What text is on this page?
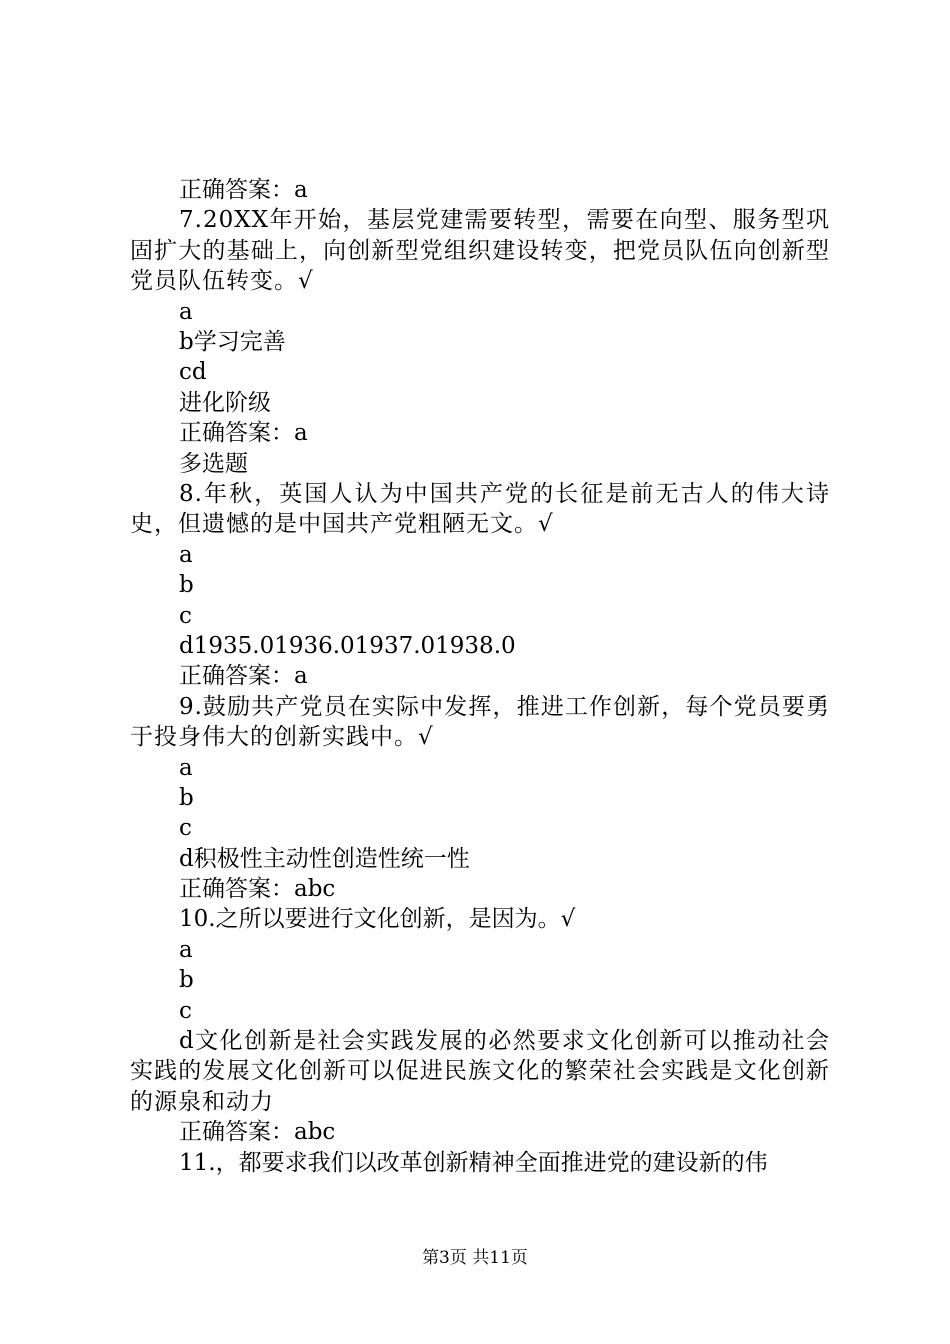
正确答案：a
7.20XX年开始，基层党建需要转型，需要在向型、服务型巩固扩大的基础上，向创新型党组织建设转变，把党员队伍向创新型党员队伍转变。√
a
b学习完善
cd
进化阶级
正确答案：a
多选题
8.年秋，英国人认为中国共产党的长征是前无古人的伟大诗史，但遗憾的是中国共产党粗陋无文。√
a
b
c
d1935.01936.01937.01938.0
正确答案：a
9.鼓励共产党员在实际中发挥，推进工作创新，每个党员要勇于投身伟大的创新实践中。√
a
b
c
d积极性主动性创造性统一性
正确答案：abc
10.之所以要进行文化创新，是因为。√
a
b
c
d文化创新是社会实践发展的必然要求文化创新可以推动社会实践的发展文化创新可以促进民族文化的繁荣社会实践是文化创新的源泉和动力
正确答案：abc
11.，都要求我们以改革创新精神全面推进党的建设新的伟
第3页 共11页
